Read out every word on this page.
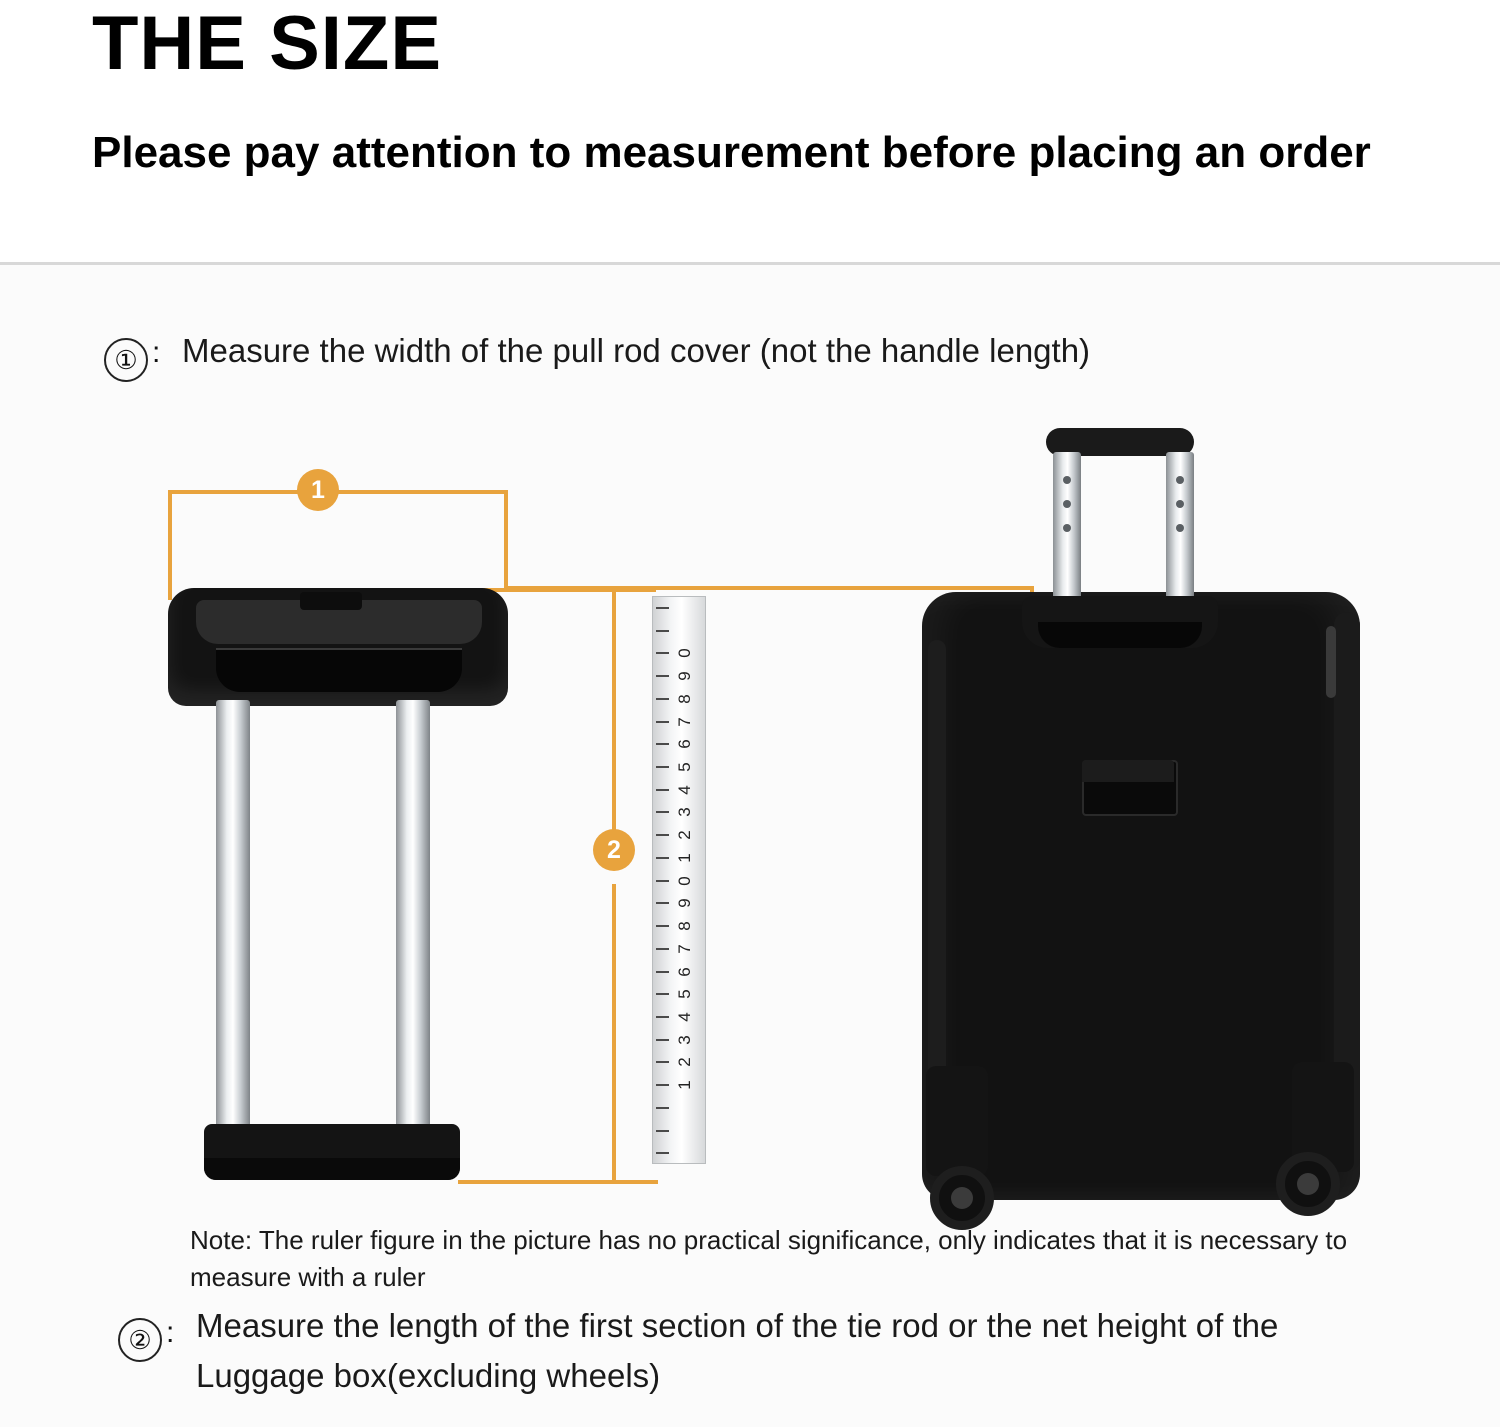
THE SIZE
Please pay attention to measurement before placing an order
① : Measure the width of the pull rod cover (not the handle length)
1
2
0
9
8
7
6
5
4
3
2
1
0
9
8
7
6
5
4
3
2
1
Note: The ruler figure in the picture has no practical significance, only indicates that it is necessary to measure with a ruler
② : Measure the length of the first section of the tie rod or the net height of the Luggage box(excluding wheels)
